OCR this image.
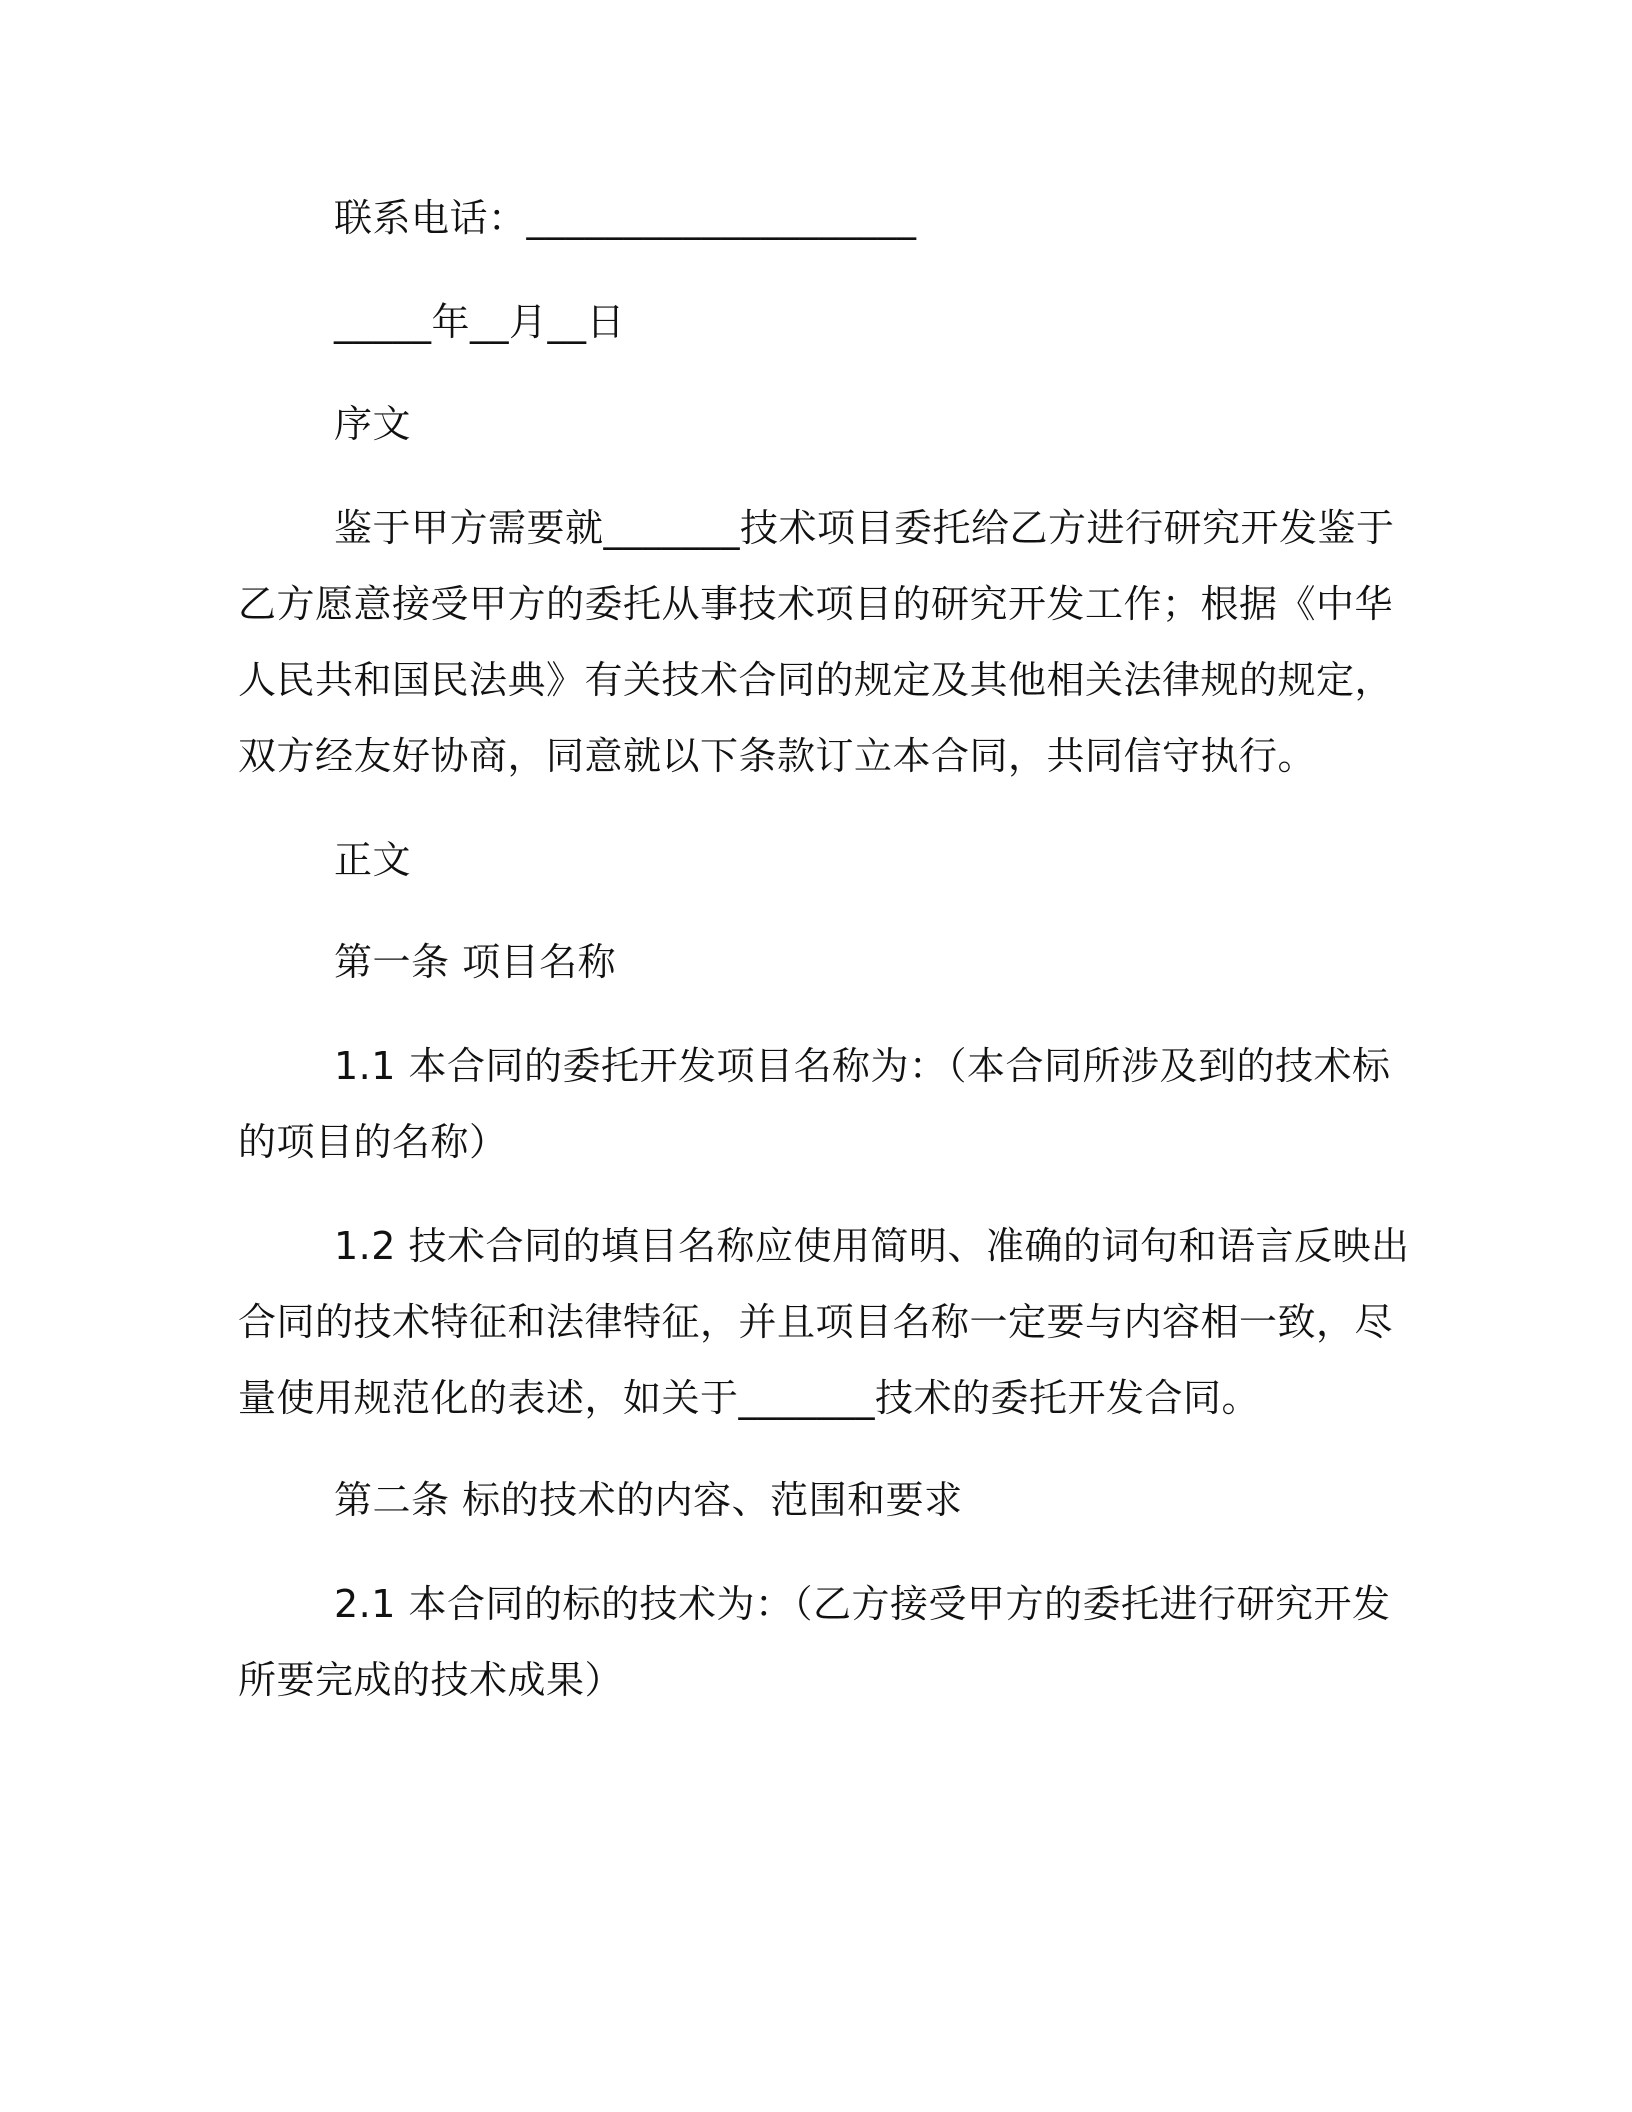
联系电话：____________________
_____年__月__日
序文
鉴于甲方需要就_______技术项目委托给乙方进行研究开发鉴于
乙方愿意接受甲方的委托从事技术项目的研究开发工作；根据《中华
人民共和国民法典》有关技术合同的规定及其他相关法律规的规定，
双方经友好协商，同意就以下条款订立本合同，共同信守执行。
正文
第一条 项目名称
1.1 本合同的委托开发项目名称为：（本合同所涉及到的技术标
的项目的名称）
1.2 技术合同的填目名称应使用简明、准确的词句和语言反映出
合同的技术特征和法律特征，并且项目名称一定要与内容相一致，尽
量使用规范化的表述，如关于_______技术的委托开发合同。
第二条 标的技术的内容、范围和要求
2.1 本合同的标的技术为：（乙方接受甲方的委托进行研究开发
所要完成的技术成果）
